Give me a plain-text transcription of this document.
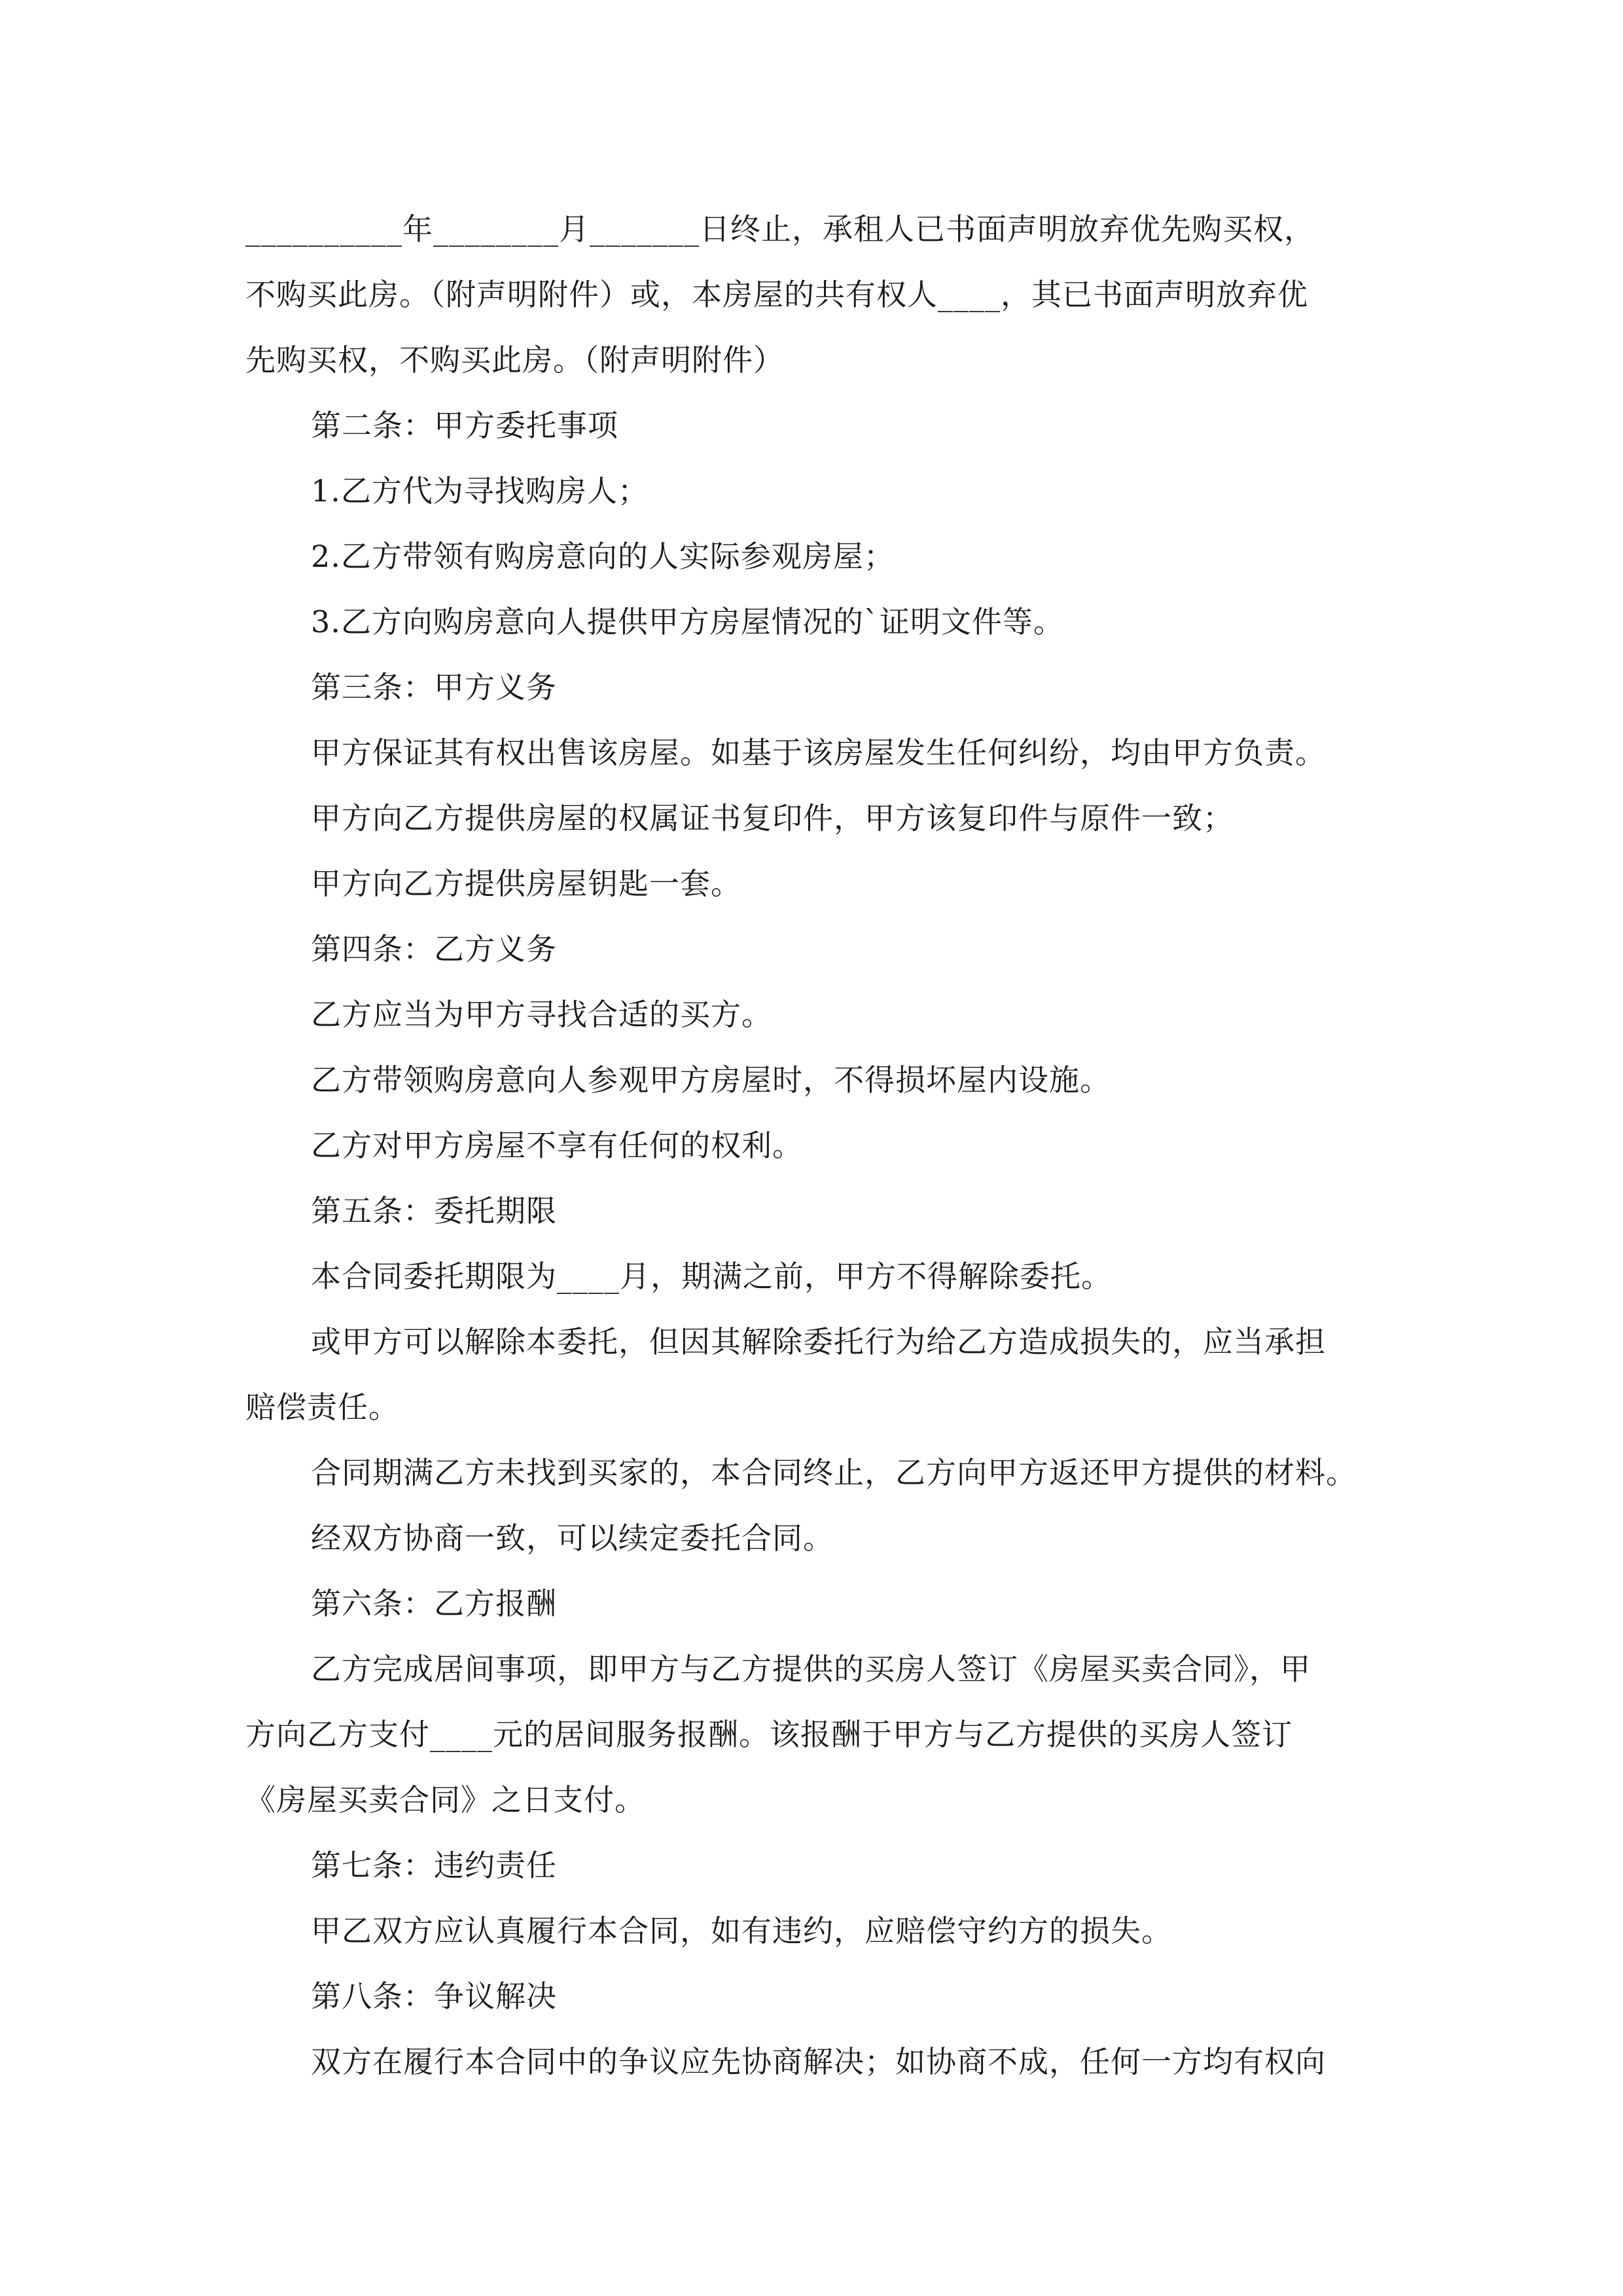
__________年________月_______日终止，承租人已书面声明放弃优先购买权，
不购买此房。（附声明附件）或，本房屋的共有权人____，其已书面声明放弃优
先购买权，不购买此房。（附声明附件）
第二条：甲方委托事项
1.乙方代为寻找购房人；
2.乙方带领有购房意向的人实际参观房屋；
3.乙方向购房意向人提供甲方房屋情况的`证明文件等。
第三条：甲方义务
甲方保证其有权出售该房屋。如基于该房屋发生任何纠纷，均由甲方负责。
甲方向乙方提供房屋的权属证书复印件，甲方该复印件与原件一致；
甲方向乙方提供房屋钥匙一套。
第四条：乙方义务
乙方应当为甲方寻找合适的买方。
乙方带领购房意向人参观甲方房屋时，不得损坏屋内设施。
乙方对甲方房屋不享有任何的权利。
第五条：委托期限
本合同委托期限为____月，期满之前，甲方不得解除委托。
或甲方可以解除本委托，但因其解除委托行为给乙方造成损失的，应当承担
赔偿责任。
合同期满乙方未找到买家的，本合同终止，乙方向甲方返还甲方提供的材料。
经双方协商一致，可以续定委托合同。
第六条：乙方报酬
乙方完成居间事项，即甲方与乙方提供的买房人签订《房屋买卖合同》，甲
方向乙方支付____元的居间服务报酬。该报酬于甲方与乙方提供的买房人签订
《房屋买卖合同》之日支付。
第七条：违约责任
甲乙双方应认真履行本合同，如有违约，应赔偿守约方的损失。
第八条：争议解决
双方在履行本合同中的争议应先协商解决；如协商不成，任何一方均有权向
